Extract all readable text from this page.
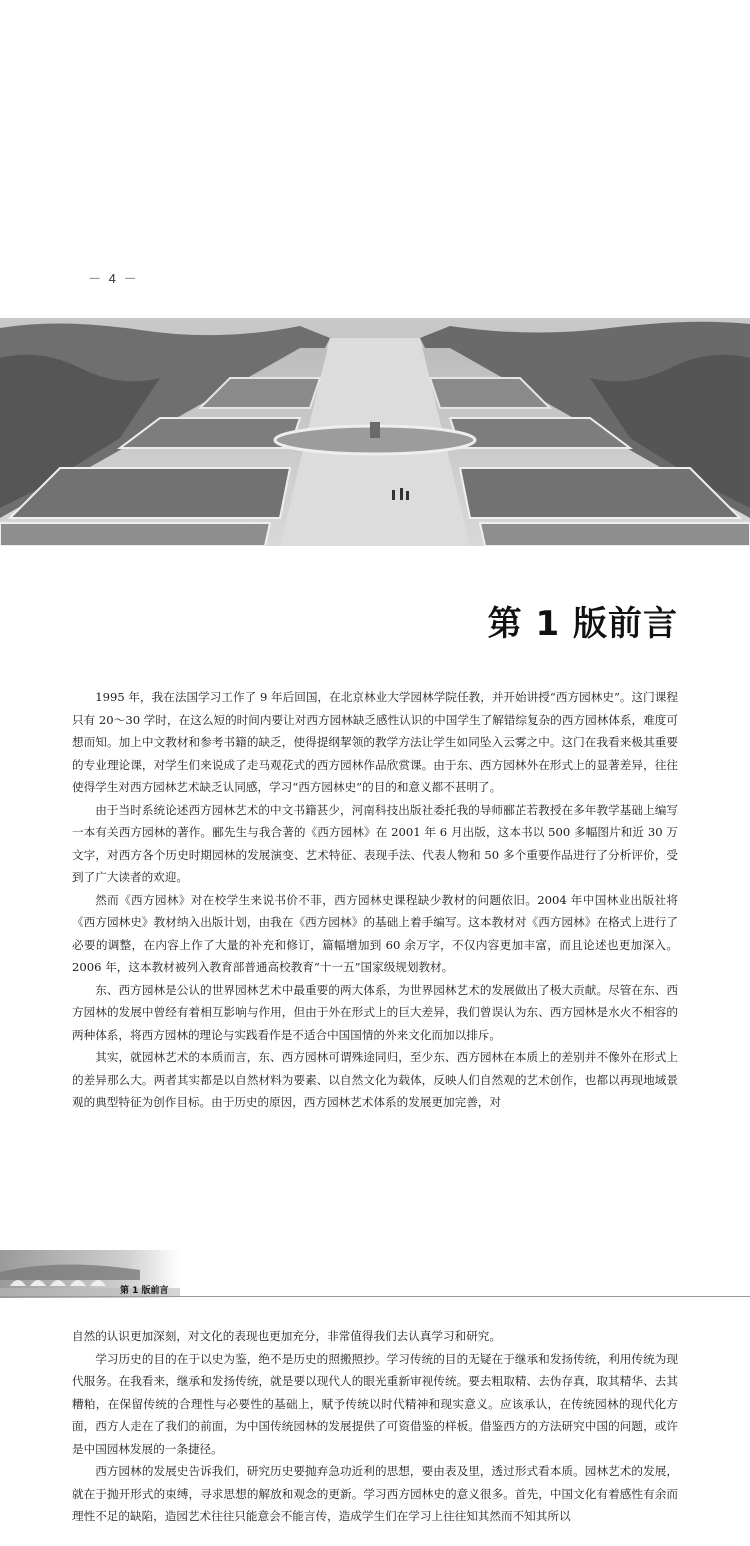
－ 4 －
第 1 版前言

1995 年，我在法国学习工作了 9 年后回国，在北京林业大学园林学院任教，并开始讲授“西方园林史”。这门课程只有 20～30 学时，在这么短的时间内要让对西方园林缺乏感性认识的中国学生了解错综复杂的西方园林体系，难度可想而知。加上中文教材和参考书籍的缺乏，使得提纲挈领的教学方法让学生如同坠入云雾之中。这门在我看来极其重要的专业理论课，对学生们来说成了走马观花式的西方园林作品欣赏课。由于东、西方园林外在形式上的显著差异，往往使得学生对西方园林艺术缺乏认同感，学习“西方园林史”的目的和意义都不甚明了。

由于当时系统论述西方园林艺术的中文书籍甚少，河南科技出版社委托我的导师郦芷若教授在多年教学基础上编写一本有关西方园林的著作。郦先生与我合著的《西方园林》在 2001 年 6 月出版，这本书以 500 多幅图片和近 30 万文字，对西方各个历史时期园林的发展演变、艺术特征、表现手法、代表人物和 50 多个重要作品进行了分析评价，受到了广大读者的欢迎。

然而《西方园林》对在校学生来说书价不菲，西方园林史课程缺少教材的问题依旧。2004 年中国林业出版社将《西方园林史》教材纳入出版计划，由我在《西方园林》的基础上着手编写。这本教材对《西方园林》在格式上进行了必要的调整，在内容上作了大量的补充和修订，篇幅增加到 60 余万字，不仅内容更加丰富，而且论述也更加深入。2006 年，这本教材被列入教育部普通高校教育“十一五”国家级规划教材。

东、西方园林是公认的世界园林艺术中最重要的两大体系，为世界园林艺术的发展做出了极大贡献。尽管在东、西方园林的发展中曾经有着相互影响与作用，但由于外在形式上的巨大差异，我们曾误认为东、西方园林是水火不相容的两种体系，将西方园林的理论与实践看作是不适合中国国情的外来文化而加以排斥。

其实，就园林艺术的本质而言，东、西方园林可谓殊途同归，至少东、西方园林在本质上的差别并不像外在形式上的差异那么大。两者其实都是以自然材料为要素、以自然文化为载体，反映人们自然观的艺术创作，也都以再现地域景观的典型特征为创作目标。由于历史的原因，西方园林艺术体系的发展更加完善，对

第 1 版前言

自然的认识更加深刻，对文化的表现也更加充分，非常值得我们去认真学习和研究。

学习历史的目的在于以史为鉴，绝不是历史的照搬照抄。学习传统的目的无疑在于继承和发扬传统，利用传统为现代服务。在我看来，继承和发扬传统，就是要以现代人的眼光重新审视传统。要去粗取精、去伪存真，取其精华、去其糟粕，在保留传统的合理性与必要性的基础上，赋予传统以时代精神和现实意义。应该承认，在传统园林的现代化方面，西方人走在了我们的前面，为中国传统园林的发展提供了可资借鉴的样板。借鉴西方的方法研究中国的问题，或许是中国园林发展的一条捷径。

西方园林的发展史告诉我们，研究历史要抛弃急功近利的思想，要由表及里，透过形式看本质。园林艺术的发展，就在于抛开形式的束缚，寻求思想的解放和观念的更新。学习西方园林史的意义很多。首先，中国文化有着感性有余而理性不足的缺陷，造园艺术往往只能意会不能言传，造成学生们在学习上往往知其然而不知其所以
